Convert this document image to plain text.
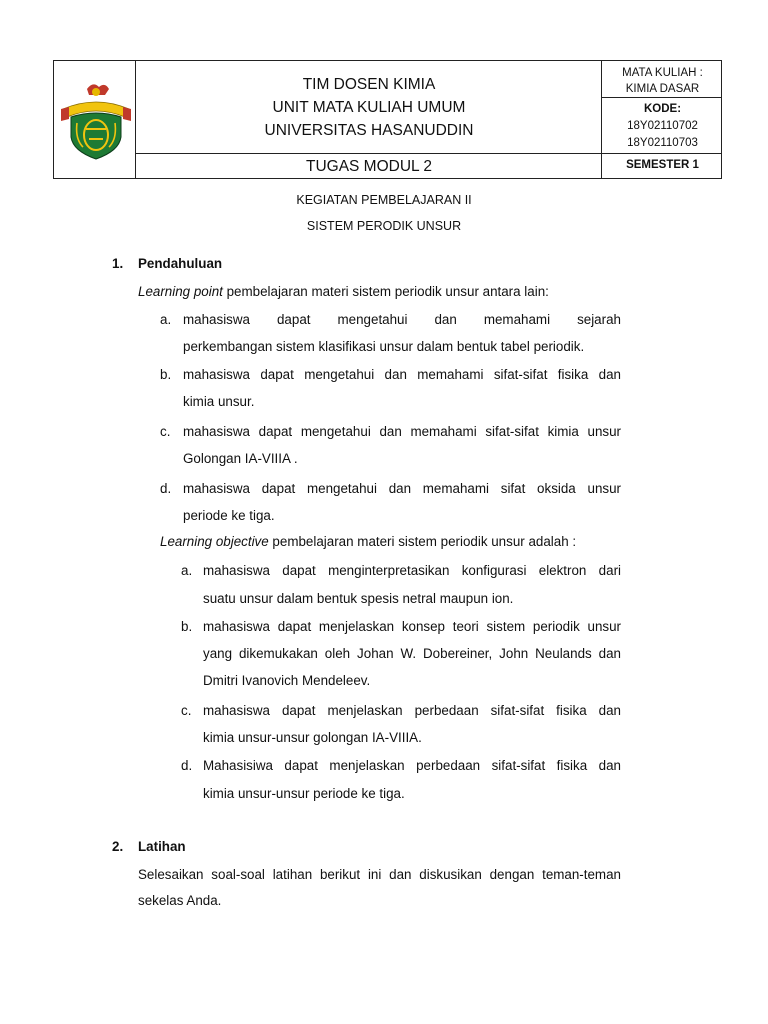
TIM DOSEN KIMIA
UNIT MATA KULIAH UMUM
UNIVERSITAS HASANUDDIN
TUGAS MODUL 2
MATA KULIAH :
KIMIA DASAR
KODE:
18Y02110702
18Y02110703
SEMESTER 1
KEGIATAN PEMBELAJARAN II
SISTEM PERODIK UNSUR
1. Pendahuluan
Learning point pembelajaran materi sistem periodik unsur antara lain:
a. mahasiswa dapat mengetahui dan memahami sejarah
perkembangan sistem klasifikasi unsur dalam bentuk tabel periodik.
b. mahasiswa dapat mengetahui dan memahami sifat-sifat fisika dan
kimia unsur.
c. mahasiswa dapat mengetahui dan memahami sifat-sifat kimia unsur
Golongan IA-VIIIA .
d. mahasiswa dapat mengetahui dan memahami sifat oksida unsur
periode ke tiga.
Learning objective pembelajaran materi sistem periodik unsur adalah :
a. mahasiswa dapat menginterpretasikan konfigurasi elektron dari
suatu unsur dalam bentuk spesis netral maupun ion.
b. mahasiswa dapat menjelaskan konsep teori sistem periodik unsur
yang dikemukakan oleh Johan W. Dobereiner, John Neulands dan
Dmitri Ivanovich Mendeleev.
c. mahasiswa dapat menjelaskan perbedaan sifat-sifat fisika dan
kimia unsur-unsur golongan IA-VIIIA.
d. Mahasisiwa dapat menjelaskan perbedaan sifat-sifat fisika dan
kimia unsur-unsur periode ke tiga.
2. Latihan
Selesaikan soal-soal latihan berikut ini dan diskusikan dengan teman-teman
sekelas Anda.
